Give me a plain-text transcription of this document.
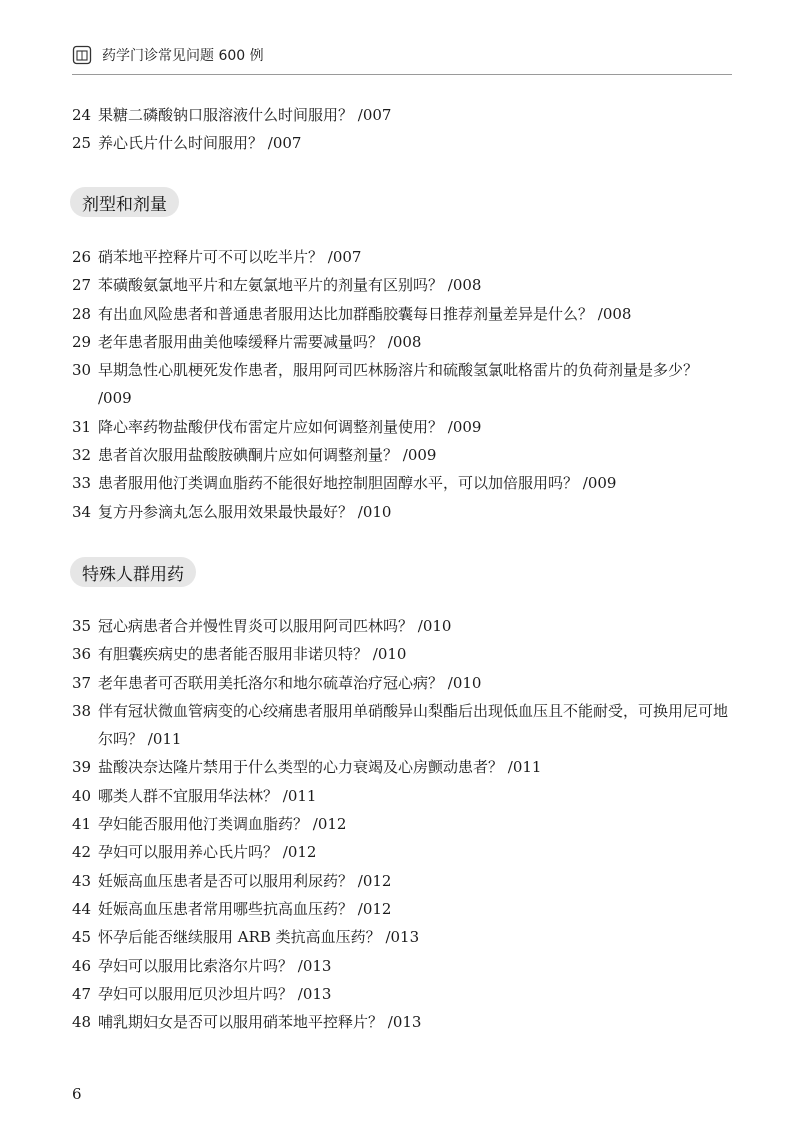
药学门诊常见问题 600 例
24 果糖二磷酸钠口服溶液什么时间服用？ /007
25 养心氏片什么时间服用？ /007
剂型和剂量
26 硝苯地平控释片可不可以吃半片？ /007
27 苯磺酸氨氯地平片和左氨氯地平片的剂量有区别吗？ /008
28 有出血风险患者和普通患者服用达比加群酯胶囊每日推荐剂量差异是什么？ /008
29 老年患者服用曲美他嗪缓释片需要减量吗？ /008
30 早期急性心肌梗死发作患者，服用阿司匹林肠溶片和硫酸氢氯吡格雷片的负荷剂量是多少？ /009
31 降心率药物盐酸伊伐布雷定片应如何调整剂量使用？ /009
32 患者首次服用盐酸胺碘酮片应如何调整剂量？ /009
33 患者服用他汀类调血脂药不能很好地控制胆固醇水平，可以加倍服用吗？ /009
34 复方丹参滴丸怎么服用效果最快最好？ /010
特殊人群用药
35 冠心病患者合并慢性胃炎可以服用阿司匹林吗？ /010
36 有胆囊疾病史的患者能否服用非诺贝特？ /010
37 老年患者可否联用美托洛尔和地尔硫䓬治疗冠心病？ /010
38 伴有冠状微血管病变的心绞痛患者服用单硝酸异山梨酯后出现低血压且不能耐受，可换用尼可地尔吗？ /011
39 盐酸决奈达隆片禁用于什么类型的心力衰竭及心房颤动患者？ /011
40 哪类人群不宜服用华法林？ /011
41 孕妇能否服用他汀类调血脂药？ /012
42 孕妇可以服用养心氏片吗？ /012
43 妊娠高血压患者是否可以服用利尿药？ /012
44 妊娠高血压患者常用哪些抗高血压药？ /012
45 怀孕后能否继续服用 ARB 类抗高血压药？ /013
46 孕妇可以服用比索洛尔片吗？ /013
47 孕妇可以服用厄贝沙坦片吗？ /013
48 哺乳期妇女是否可以服用硝苯地平控释片？ /013
6
